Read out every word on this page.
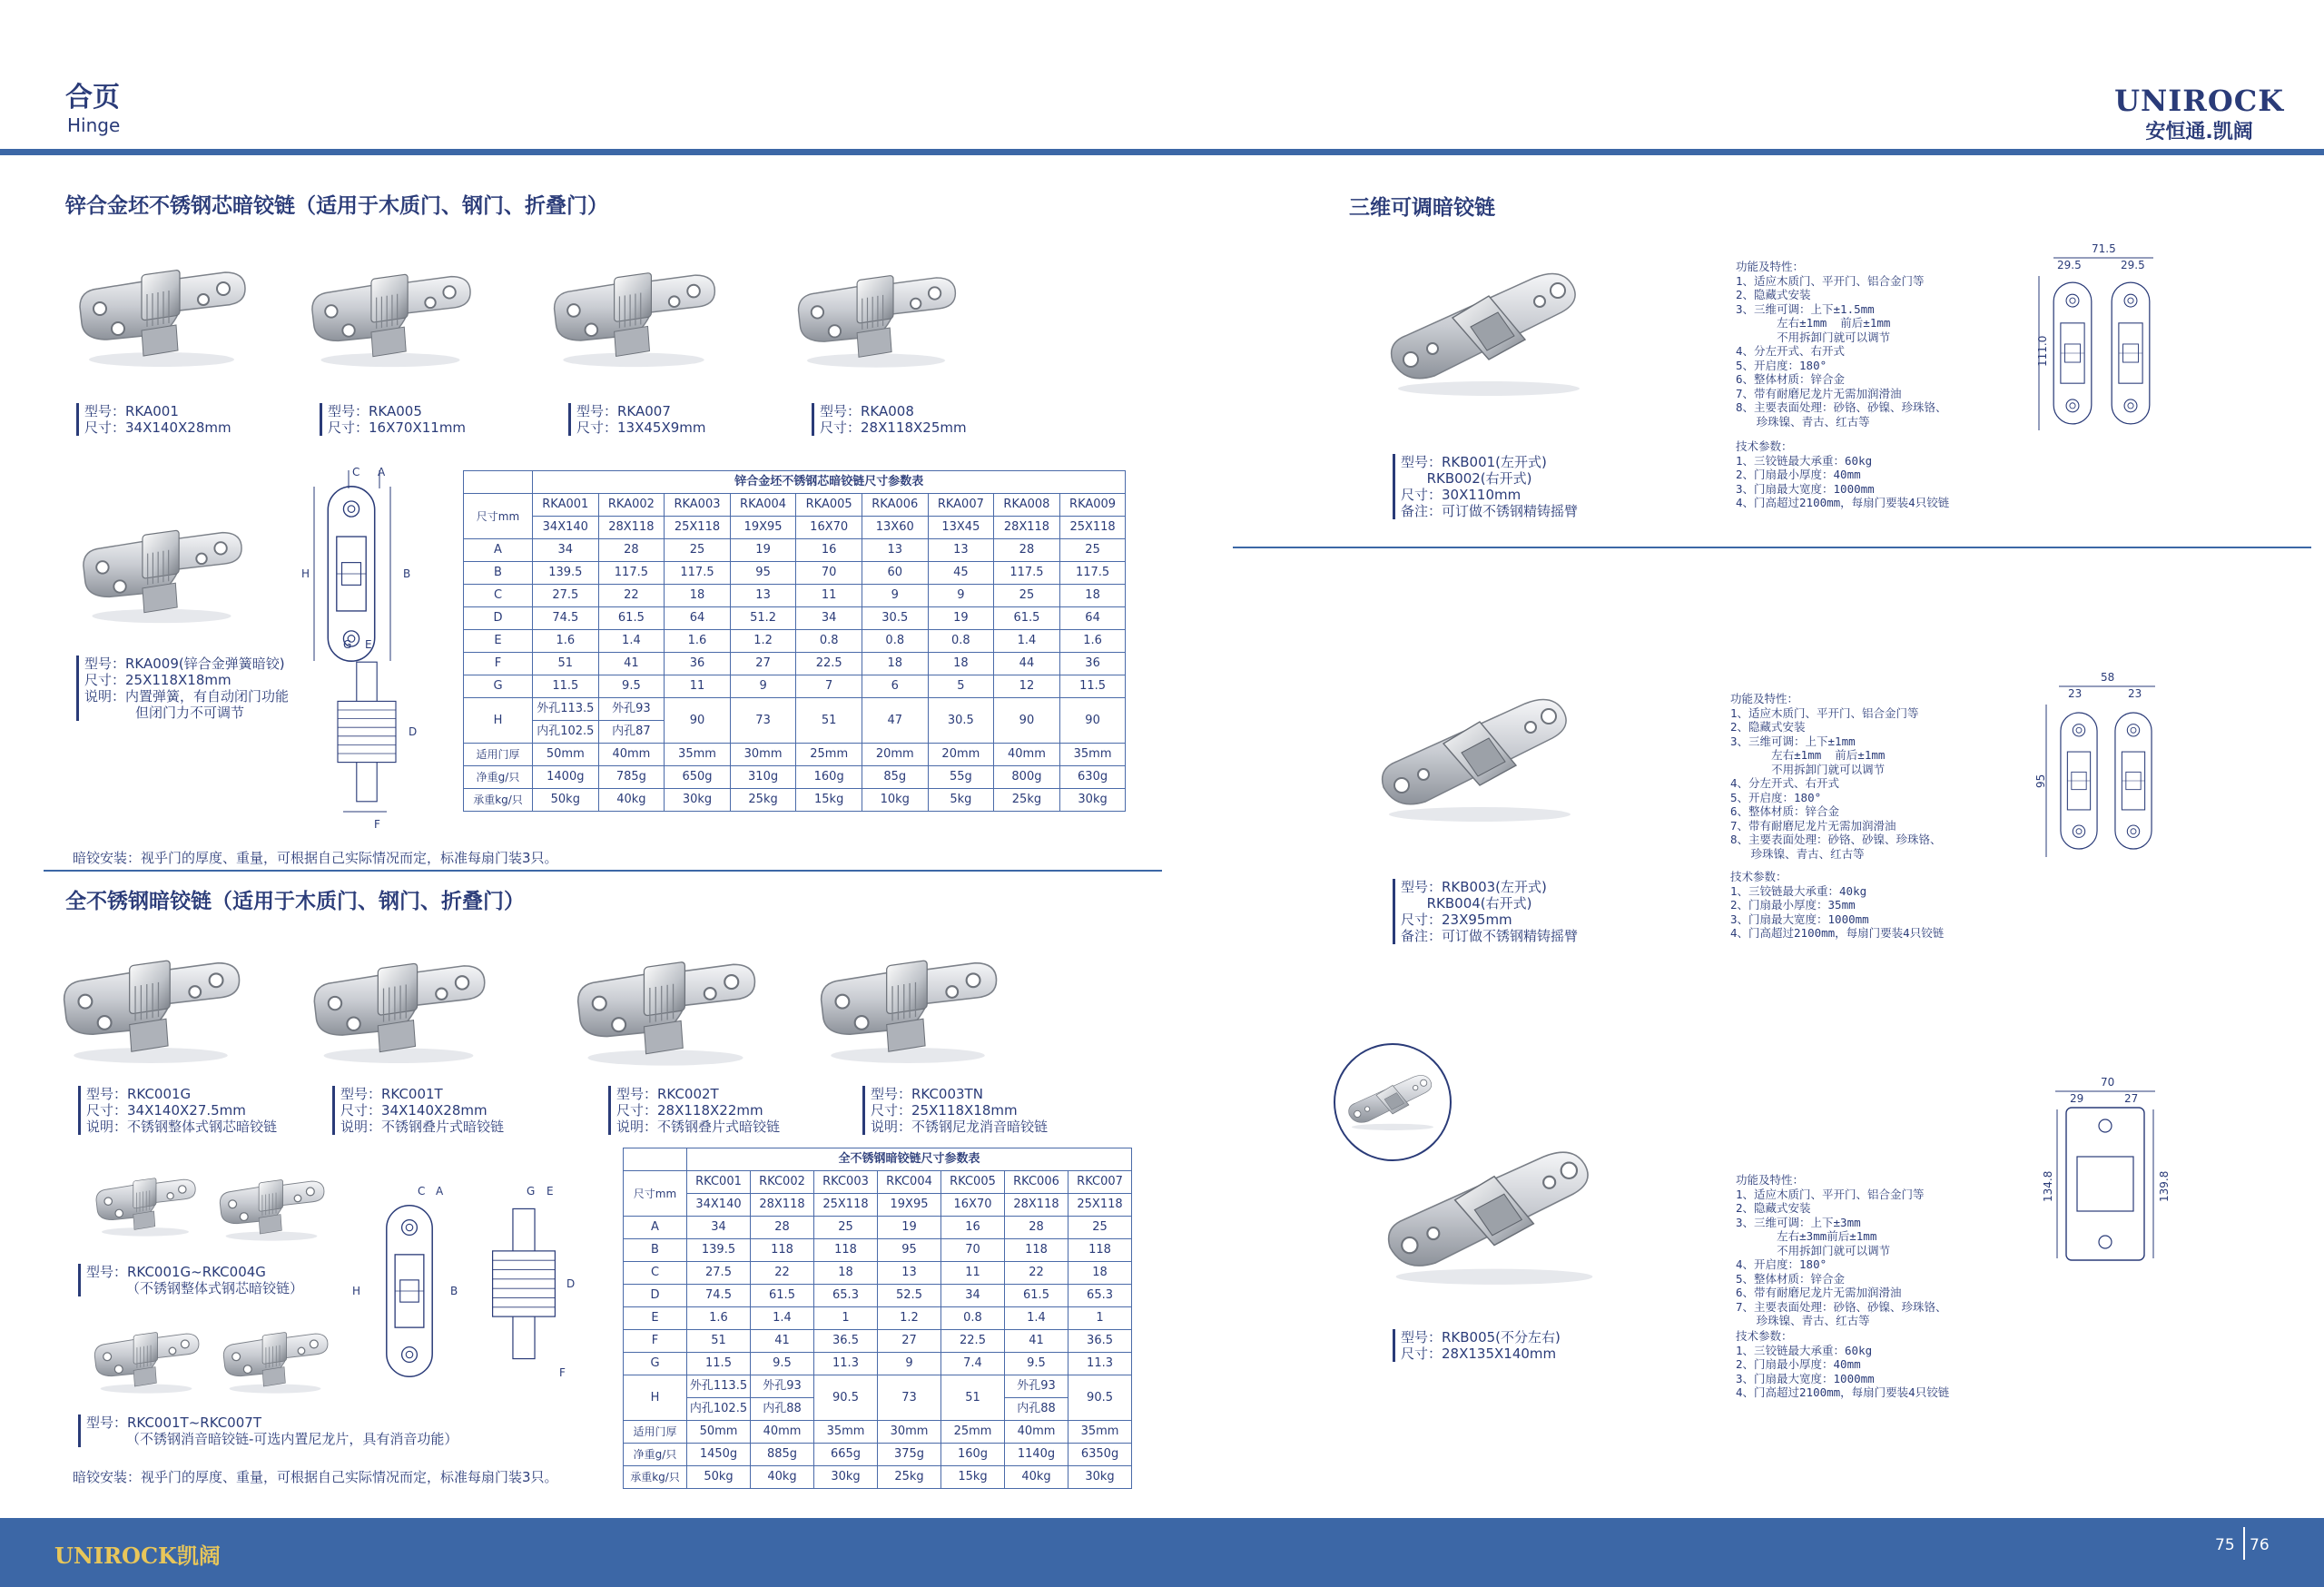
合页
Hinge
UNIROCK
安恒通.凯阔
锌合金坯不锈钢芯暗铰链（适用于木质门、钢门、折叠门）
型号：RKA001
尺寸：34X140X28mm
型号：RKA005
尺寸：16X70X11mm
型号：RKA007
尺寸：13X45X9mm
型号：RKA008
尺寸：28X118X25mm
型号：RKA009(锌合金弹簧暗铰)
尺寸：25X118X18mm
说明：内置弹簧，有自动闭门功能
但闭门力不可调节
C A
H	B
G E
D
F
	锌合金坯不锈钢芯暗铰链尺寸参数表								
尺寸mm	RKA001	RKA002	RKA003	RKA004	RKA005	RKA006	RKA007	RKA008	RKA009
	34X140	28X118	25X118	19X95	16X70	13X60	13X45	28X118	25X118
A	34	28	25	19	16	13	13	28	25
B	139.5	117.5	117.5	95	70	60	45	117.5	117.5
C	27.5	22	18	13	11	9	9	25	18
D	74.5	61.5	64	51.2	34	30.5	19	61.5	64
E	1.6	1.4	1.6	1.2	0.8	0.8	0.8	1.4	1.6
F	51	41	36	27	22.5	18	18	44	36
G	11.5	9.5	11	9	7	6	5	12	11.5
H	外孔113.5	外孔93	90	73	51	47	30.5	90	90
	内孔102.5	内孔87							
适用门厚	50mm	40mm	35mm	30mm	25mm	20mm	20mm	40mm	35mm
净重g/只	1400g	785g	650g	310g	160g	85g	55g	800g	630g
承重kg/只	50kg	40kg	30kg	25kg	15kg	10kg	5kg	25kg	30kg
暗铰安装：视乎门的厚度、重量，可根据自己实际情况而定，标准每扇门装3只。
全不锈钢暗铰链（适用于木质门、钢门、折叠门）
型号：RKC001G
尺寸：34X140X27.5mm
说明：不锈钢整体式钢芯暗铰链
型号：RKC001T
尺寸：34X140X28mm
说明：不锈钢叠片式暗铰链
型号：RKC002T
尺寸：28X118X22mm
说明：不锈钢叠片式暗铰链
型号：RKC003TN
尺寸：25X118X18mm
说明：不锈钢尼龙消音暗铰链
型号：RKC001G~RKC004G
（不锈钢整体式钢芯暗铰链）
型号：RKC001T~RKC007T
（不锈钢消音暗铰链-可选内置尼龙片，具有消音功能）
C A
H	B
G E
D
F
	全不锈钢暗铰链尺寸参数表						
尺寸mm	RKC001	RKC002	RKC003	RKC004	RKC005	RKC006	RKC007
	34X140	28X118	25X118	19X95	16X70	28X118	25X118
A	34	28	25	19	16	28	25
B	139.5	118	118	95	70	118	118
C	27.5	22	18	13	11	22	18
D	74.5	61.5	65.3	52.5	34	61.5	65.3
E	1.6	1.4	1	1.2	0.8	1.4	1
F	51	41	36.5	27	22.5	41	36.5
G	11.5	9.5	11.3	9	7.4	9.5	11.3
H	外孔113.5	外孔93	90.5	73	51	外孔93	90.5
	内孔102.5	内孔88				内孔88	
适用门厚	50mm	40mm	35mm	30mm	25mm	40mm	35mm
净重g/只	1450g	885g	665g	375g	160g	1140g	6350g
承重kg/只	50kg	40kg	30kg	25kg	15kg	40kg	30kg
暗铰安装：视乎门的厚度、重量，可根据自己实际情况而定，标准每扇门装3只。
三维可调暗铰链
型号：RKB001(左开式)
RKB002(右开式)
尺寸：30X110mm
备注：可订做不锈钢精铸摇臂
功能及特性：
1、适应木质门、平开门、铝合金门等
2、隐藏式安装
3、三维可调：上下±1.5mm
左右±1mm  前后±1mm
不用拆卸门就可以调节
4、分左开式、右开式
5、开启度：180°
6、整体材质：锌合金
7、带有耐磨尼龙片无需加润滑油
8、主要表面处理：砂铬、砂镍、珍珠铬、
珍珠镍、青古、红古等
技术参数：
1、三铰链最大承重：60kg
2、门扇最小厚度：40mm
3、门扇最大宽度：1000mm
4、门高超过2100mm，每扇门要装4只铰链
71.5
29.5	29.5
111.0
型号：RKB003(左开式)
RKB004(右开式)
尺寸：23X95mm
备注：可订做不锈钢精铸摇臂
功能及特性：
1、适应木质门、平开门、铝合金门等
2、隐藏式安装
3、三维可调：上下±1mm
左右±1mm  前后±1mm
不用拆卸门就可以调节
4、分左开式、右开式
5、开启度：180°
6、整体材质：锌合金
7、带有耐磨尼龙片无需加润滑油
8、主要表面处理：砂铬、砂镍、珍珠铬、
珍珠镍、青古、红古等
技术参数：
1、三铰链最大承重：40kg
2、门扇最小厚度：35mm
3、门扇最大宽度：1000mm
4、门高超过2100mm，每扇门要装4只铰链
58
23	23
95
型号：RKB005(不分左右)
尺寸：28X135X140mm
功能及特性：
1、适应木质门、平开门、铝合金门等
2、隐藏式安装
3、三维可调：上下±3mm
左右±3mm前后±1mm
不用拆卸门就可以调节
4、开启度：180°
5、整体材质：锌合金
6、带有耐磨尼龙片无需加润滑油
7、主要表面处理：砂铬、砂镍、珍珠铬、
珍珠镍、青古、红古等
技术参数：
1、三铰链最大承重：60kg
2、门扇最小厚度：40mm
3、门扇最大宽度：1000mm
4、门高超过2100mm，每扇门要装4只铰链
70
29	27
134.8	139.8
UNIROCK凯阔	75 76
